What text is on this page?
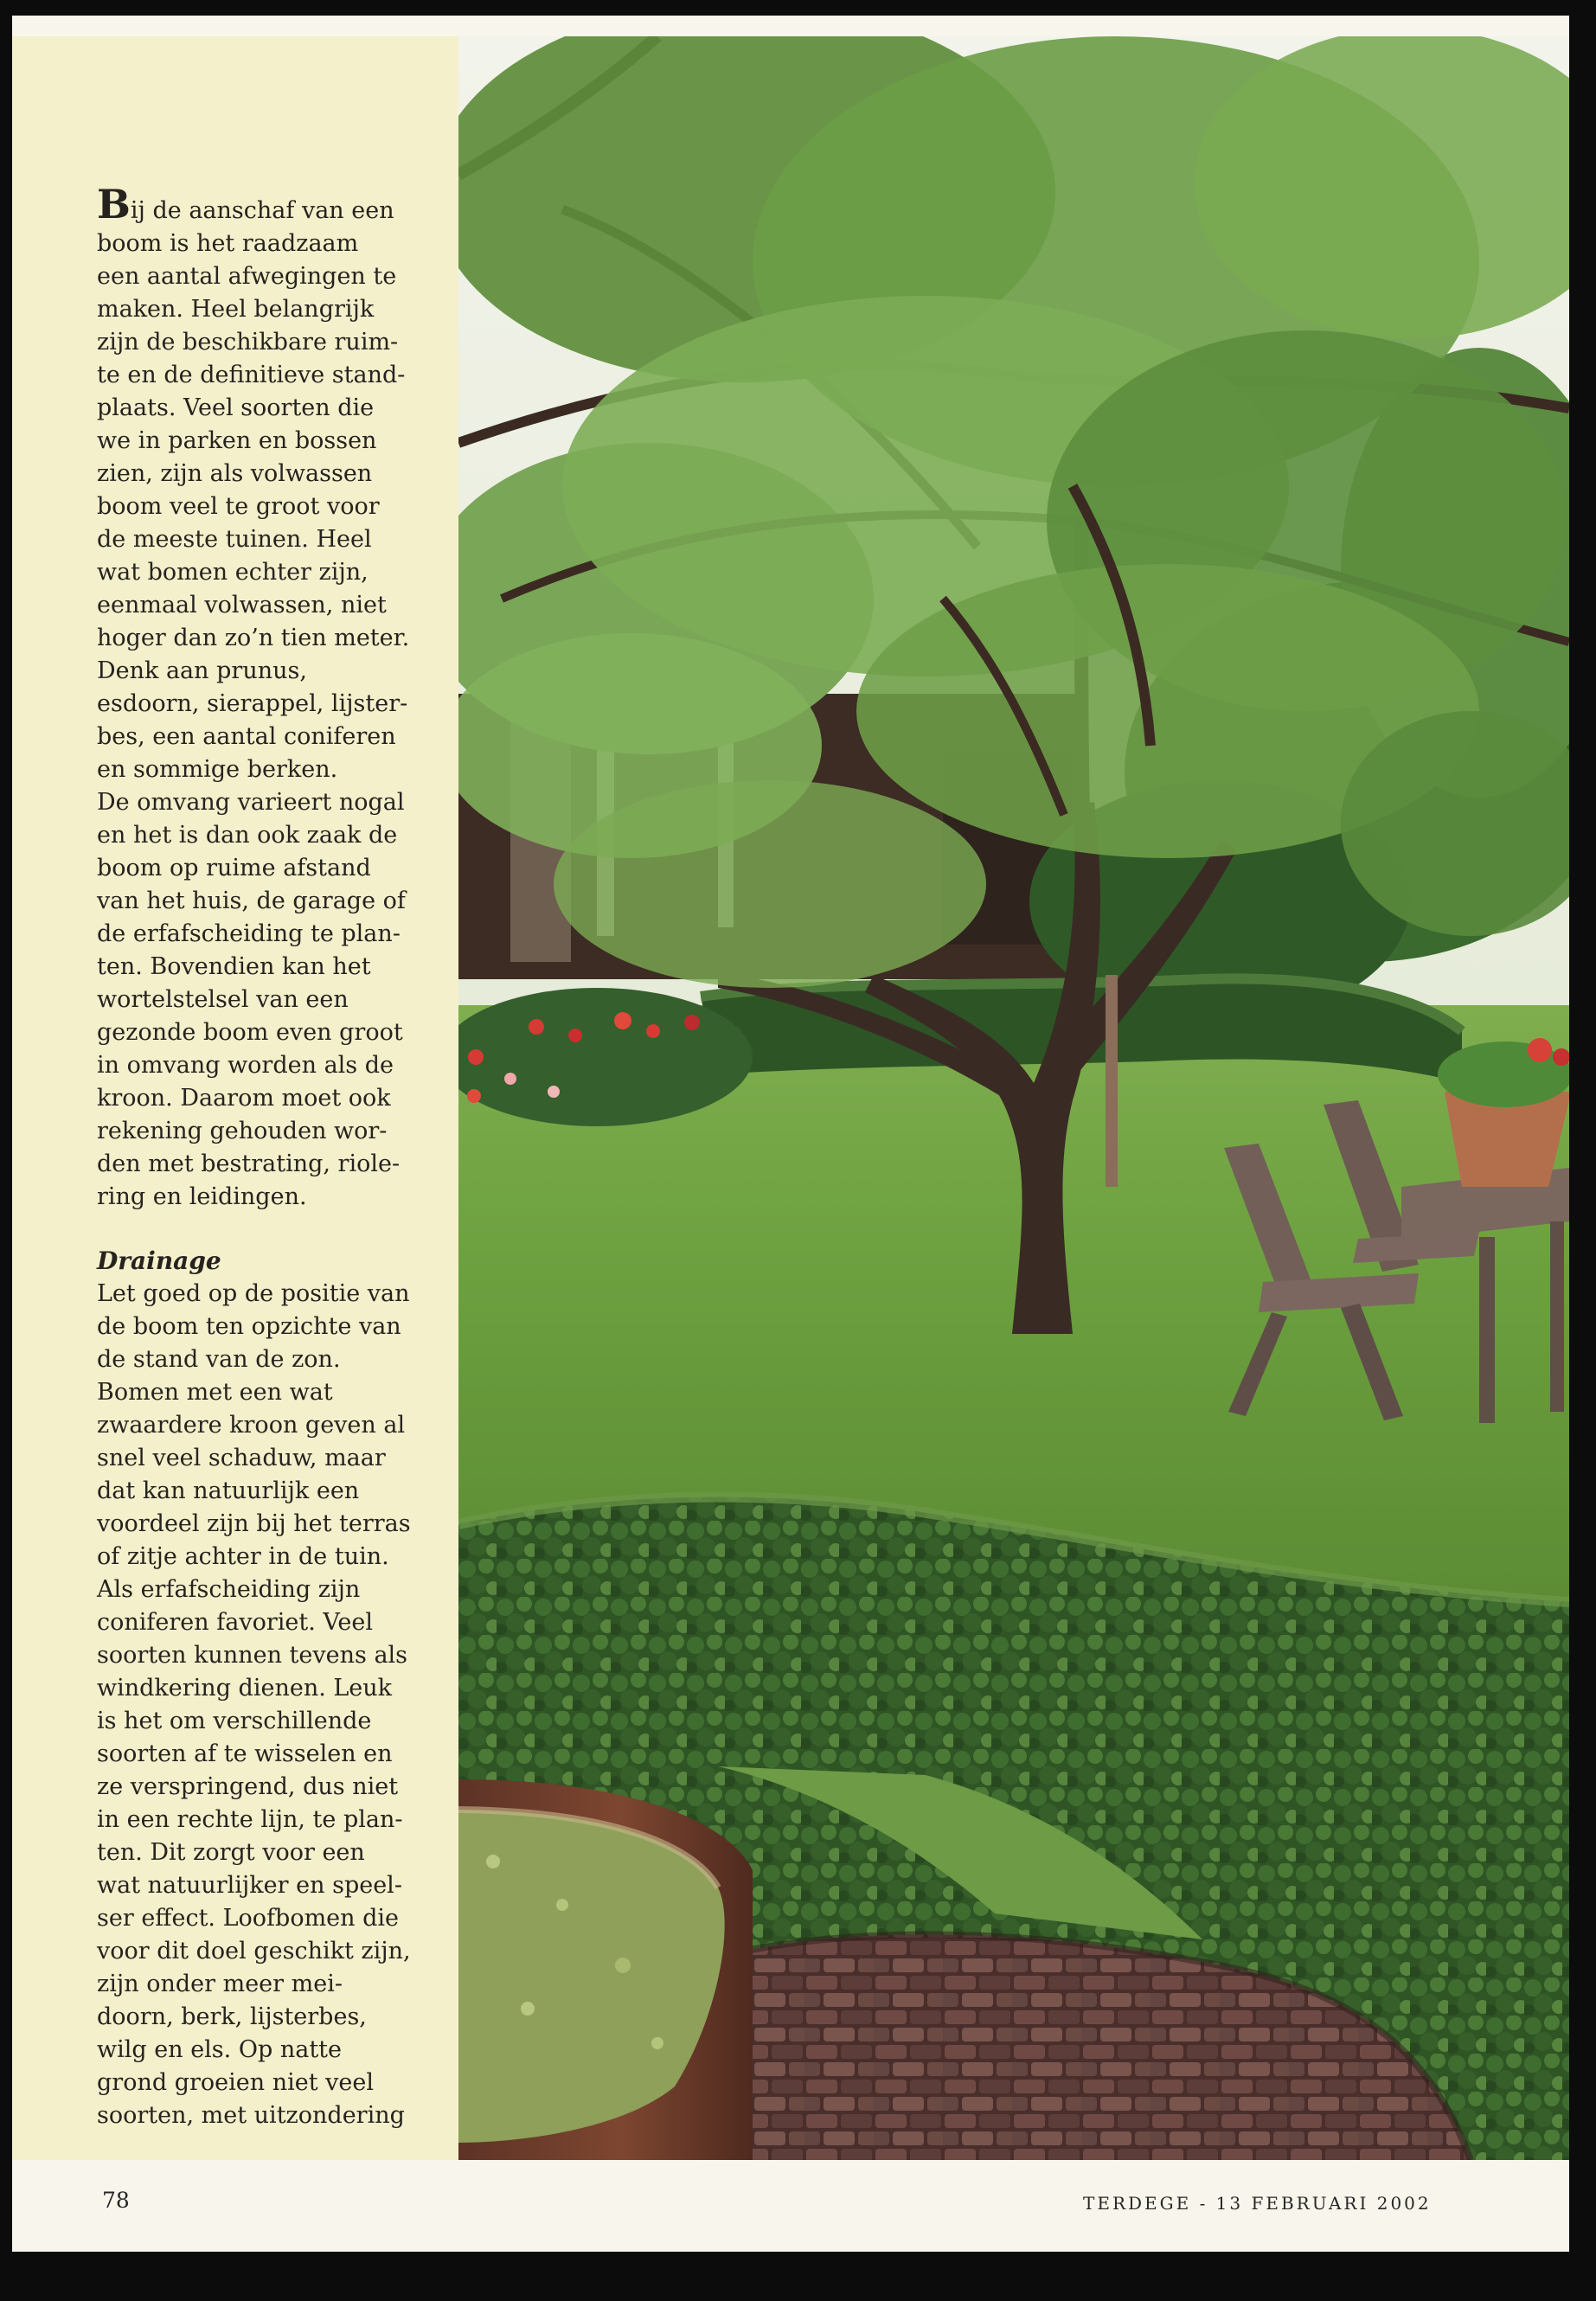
Bij de aanschaf van een
boom is het raadzaam
een aantal afwegingen te
maken. Heel belangrijk
zijn de beschikbare ruim-
te en de definitieve stand-
plaats. Veel soorten die
we in parken en bossen
zien, zijn als volwassen
boom veel te groot voor
de meeste tuinen. Heel
wat bomen echter zijn,
eenmaal volwassen, niet
hoger dan zo’n tien meter.
Denk aan prunus,
esdoorn, sierappel, lijster-
bes, een aantal coniferen
en sommige berken.
De omvang varieert nogal
en het is dan ook zaak de
boom op ruime afstand
van het huis, de garage of
de erfafscheiding te plan-
ten. Bovendien kan het
wortelstelsel van een
gezonde boom even groot
in omvang worden als de
kroon. Daarom moet ook
rekening gehouden wor-
den met bestrating, riole-
ring en leidingen.

Drainage

Let goed op de positie van
de boom ten opzichte van
de stand van de zon.
Bomen met een wat
zwaardere kroon geven al
snel veel schaduw, maar
dat kan natuurlijk een
voordeel zijn bij het terras
of zitje achter in de tuin.
Als erfafscheiding zijn
coniferen favoriet. Veel
soorten kunnen tevens als
windkering dienen. Leuk
is het om verschillende
soorten af te wisselen en
ze verspringend, dus niet
in een rechte lijn, te plan-
ten. Dit zorgt voor een
wat natuurlijker en speel-
ser effect. Loofbomen die
voor dit doel geschikt zijn,
zijn onder meer mei-
doorn, berk, lijsterbes,
wilg en els. Op natte
grond groeien niet veel
soorten, met uitzondering

78	TERDEGE - 13 FEBRUARI 2002
